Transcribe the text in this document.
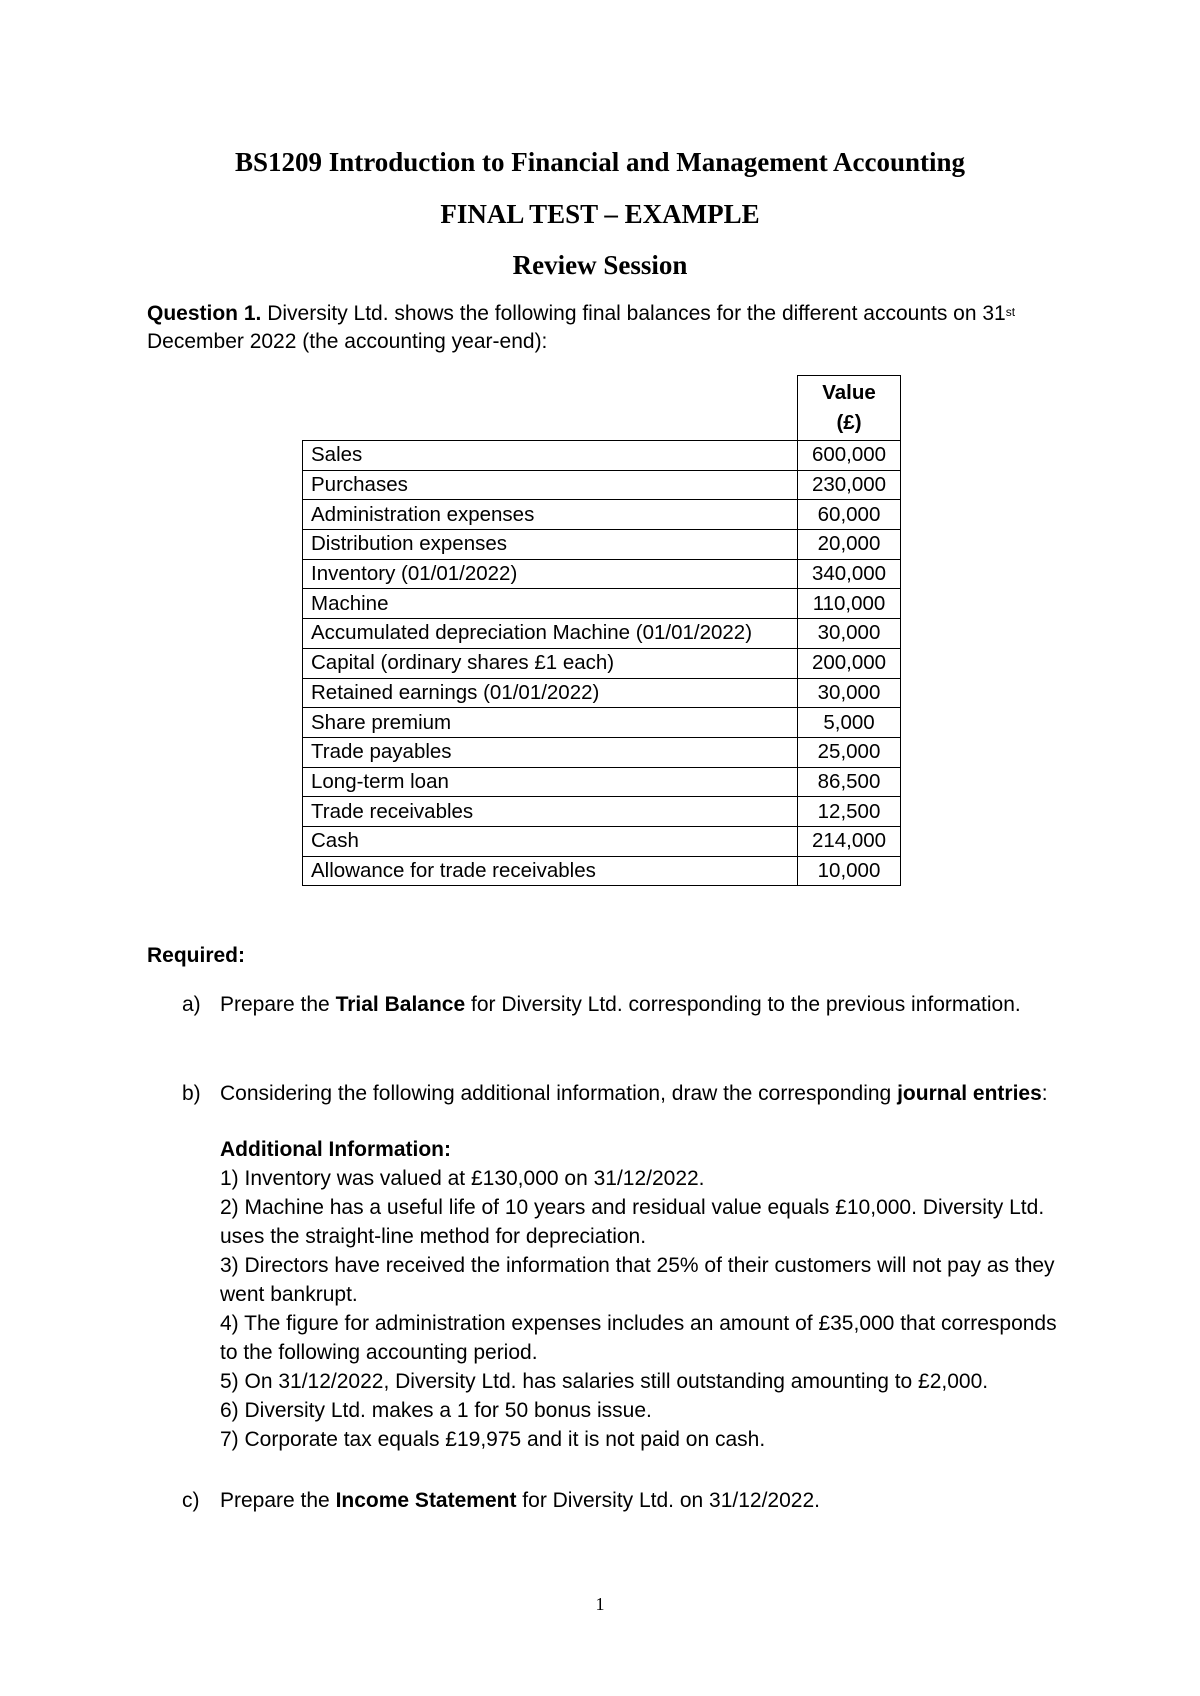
BS1209 Introduction to Financial and Management Accounting
FINAL TEST – EXAMPLE
Review Session
Question 1. Diversity Ltd. shows the following final balances for the different accounts on 31st December 2022 (the accounting year-end):

	Value
(£)

Sales	600,000
Purchases	230,000
Administration expenses	60,000
Distribution expenses	20,000
Inventory (01/01/2022)	340,000
Machine	110,000
Accumulated depreciation Machine (01/01/2022)	30,000
Capital (ordinary shares £1 each)	200,000
Retained earnings (01/01/2022)	30,000
Share premium	5,000
Trade payables	25,000
Long-term loan	86,500
Trade receivables	12,500
Cash	214,000
Allowance for trade receivables	10,000
Required:
a) Prepare the Trial Balance for Diversity Ltd. corresponding to the previous information.
b) Considering the following additional information, draw the corresponding journal entries:
Additional Information:
1) Inventory was valued at £130,000 on 31/12/2022.
2) Machine has a useful life of 10 years and residual value equals £10,000. Diversity Ltd. uses the straight-line method for depreciation.
3) Directors have received the information that 25% of their customers will not pay as they went bankrupt.
4) The figure for administration expenses includes an amount of £35,000 that corresponds to the following accounting period.
5) On 31/12/2022, Diversity Ltd. has salaries still outstanding amounting to £2,000.
6) Diversity Ltd. makes a 1 for 50 bonus issue.
7) Corporate tax equals £19,975 and it is not paid on cash.
c) Prepare the Income Statement for Diversity Ltd. on 31/12/2022.
1
